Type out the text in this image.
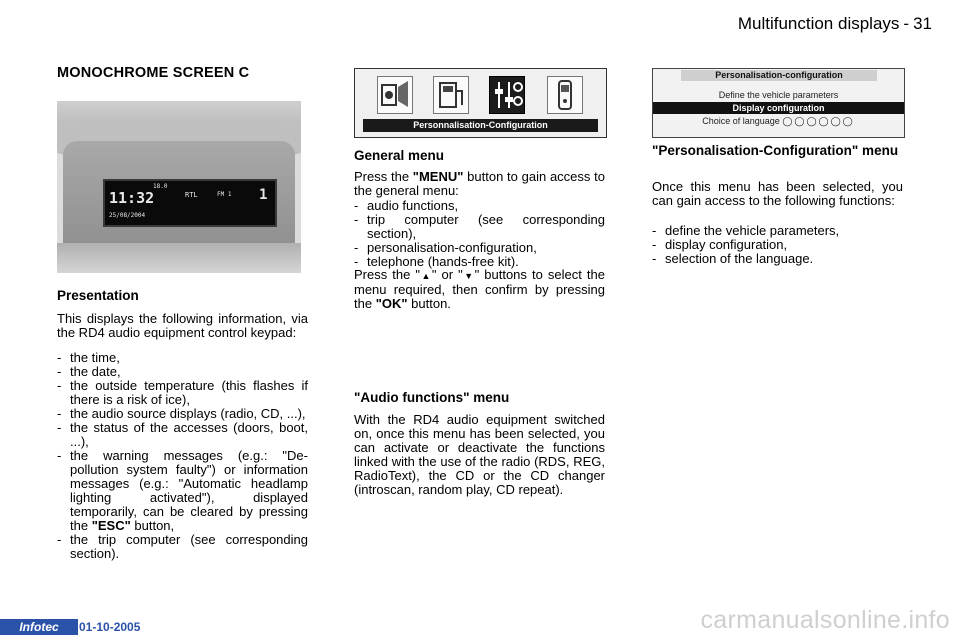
Multifunction displays - 31
MONOCHROME SCREEN C
11:32
25/08/2004
18.0
RTL	FM 1 1
Presentation
This displays the following information, via the RD4 audio equipment control keypad:
- the time,
- the date,
- the outside temperature (this flashes if there is a risk of ice),
- the audio source displays (radio, CD, ...),
- the status of the accesses (doors, boot, ...),
- the warning messages (e.g.: "De-pollution system faulty") or information messages (e.g.: "Automatic headlamp lighting activated"), displayed temporarily, can be cleared by pressing the "ESC" button,
- the trip computer (see corresponding section).
Personnalisation-Configuration
General menu
Press the "MENU" button to gain access to the general menu:
- audio functions,
- trip computer (see corresponding section),
- personalisation-configuration,
- telephone (hands-free kit).
Press the "▲" or "▼" buttons to select the menu required, then confirm by pressing the "OK" button.
"Audio functions" menu
With the RD4 audio equipment switched on, once this menu has been selected, you can activate or deactivate the functions linked with the use of the radio (RDS, REG, RadioText), the CD or the CD changer (introscan, random play, CD repeat).
Personalisation-configuration
Define the vehicle parameters
Display configuration
Choice of language ◯◯◯◯◯◯
"Personalisation-Configuration" menu
Once this menu has been selected, you can gain access to the following functions:
- define the vehicle parameters,
- display configuration,
- selection of the language.
Infotec	01-10-2005	carmanualsonline.info
